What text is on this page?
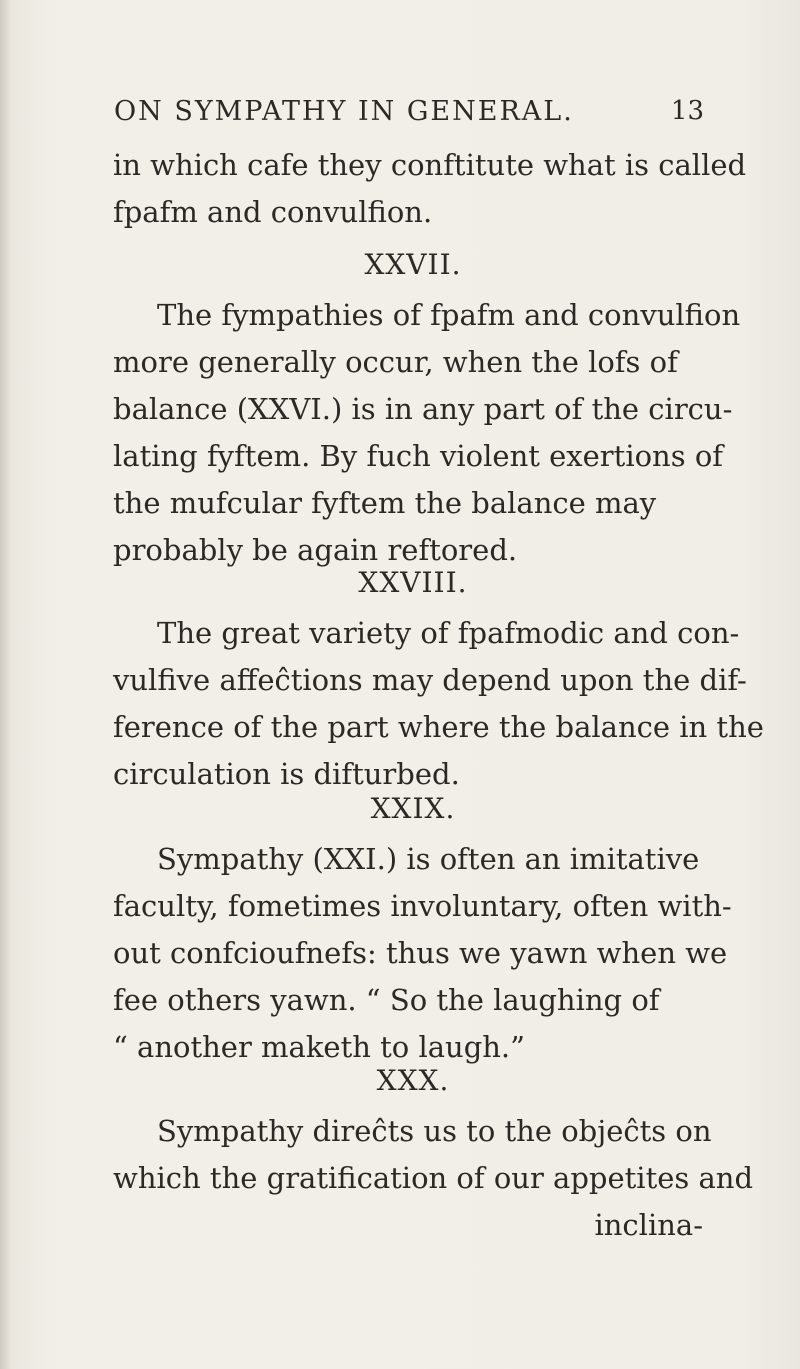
ON SYMPATHY IN GENERAL.	13
in which cafe they conftitute what is called
fpafm and convulfion.
XXVII.
The fympathies of fpafm and convulfion
more generally occur, when the lofs of
balance (XXVI.) is in any part of the circu-
lating fyftem. By fuch violent exertions of
the mufcular fyftem the balance may
probably be again reftored.
XXVIII.
The great variety of fpafmodic and con-
vulfive affeĉtions may depend upon the dif-
ference of the part where the balance in the
circulation is difturbed.
XXIX.
Sympathy (XXI.) is often an imitative
faculty, fometimes involuntary, often with-
out confcioufnefs: thus we yawn when we
fee others yawn. “ So the laughing of
“ another maketh to laugh.”
XXX.
Sympathy direĉts us to the objeĉts on
which the gratification of our appetites and
inclina-
